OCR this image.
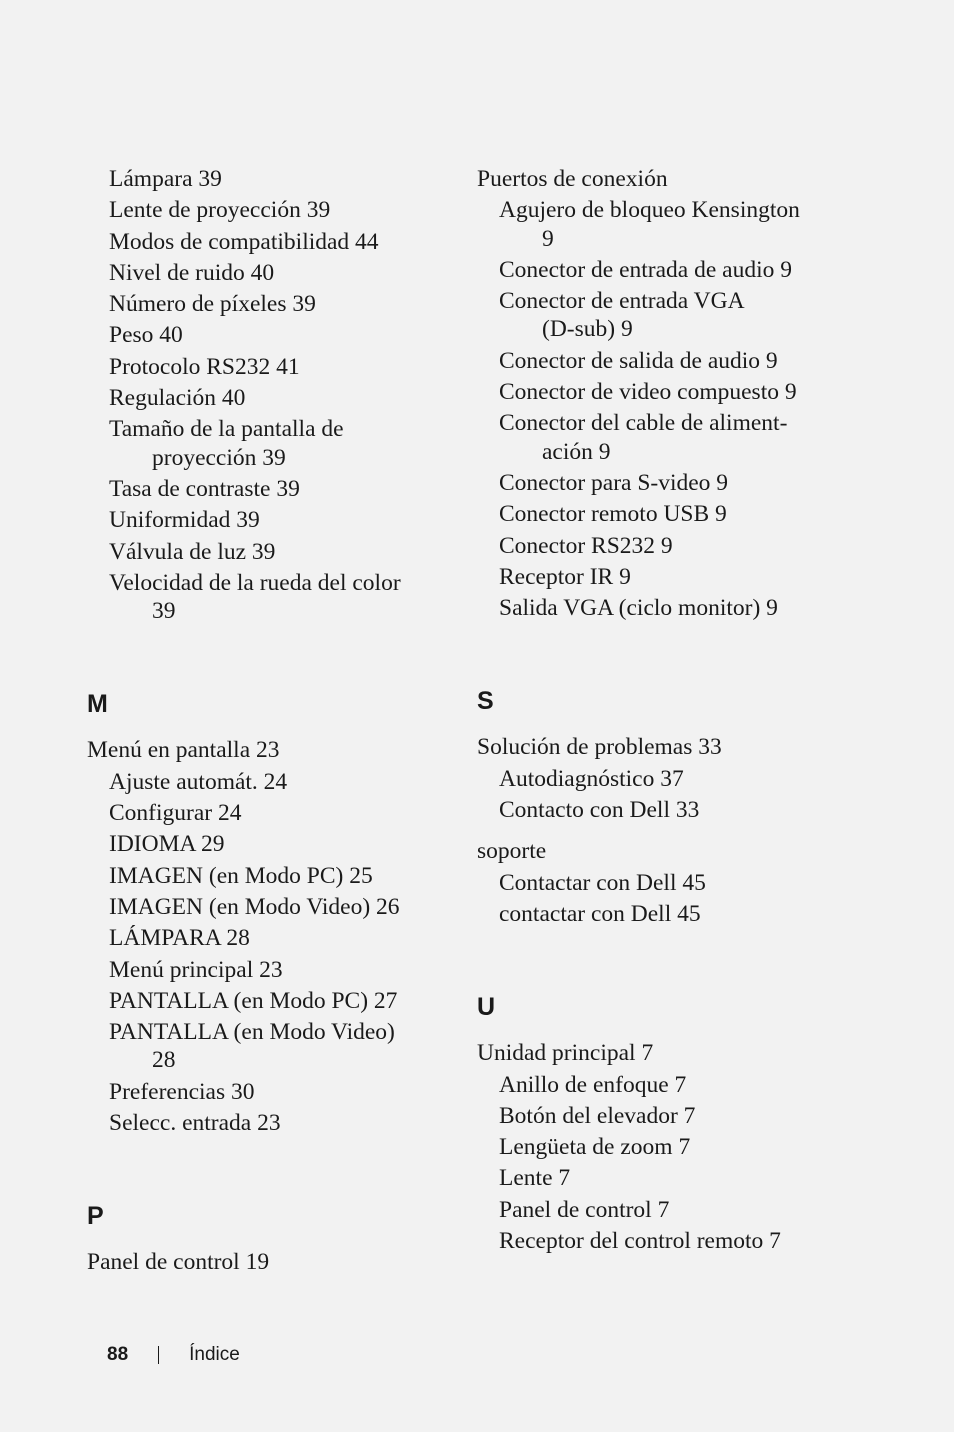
Lámpara 39
Lente de proyección 39
Modos de compatibilidad 44
Nivel de ruido 40
Número de píxeles 39
Peso 40
Protocolo RS232 41
Regulación 40
Tamaño de la pantalla de
proyección 39
Tasa de contraste 39
Uniformidad 39
Válvula de luz 39
Velocidad de la rueda del color
39
M
Menú en pantalla 23
Ajuste automát. 24
Configurar 24
IDIOMA 29
IMAGEN (en Modo PC) 25
IMAGEN (en Modo Video) 26
LÁMPARA 28
Menú principal 23
PANTALLA (en Modo PC) 27
PANTALLA (en Modo Video)
28
Preferencias 30
Selecc. entrada 23
P
Panel de control 19
Puertos de conexión
Agujero de bloqueo Kensington
9
Conector de entrada de audio 9
Conector de entrada VGA
(D-sub) 9
Conector de salida de audio 9
Conector de video compuesto 9
Conector del cable de aliment-
ación 9
Conector para S-video 9
Conector remoto USB 9
Conector RS232 9
Receptor IR 9
Salida VGA (ciclo monitor) 9
S
Solución de problemas 33
Autodiagnóstico 37
Contacto con Dell 33
soporte
Contactar con Dell 45
contactar con Dell 45
U
Unidad principal 7
Anillo de enfoque 7
Botón del elevador 7
Lengüeta de zoom 7
Lente 7
Panel de control 7
Receptor del control remoto 7
88	Índice
